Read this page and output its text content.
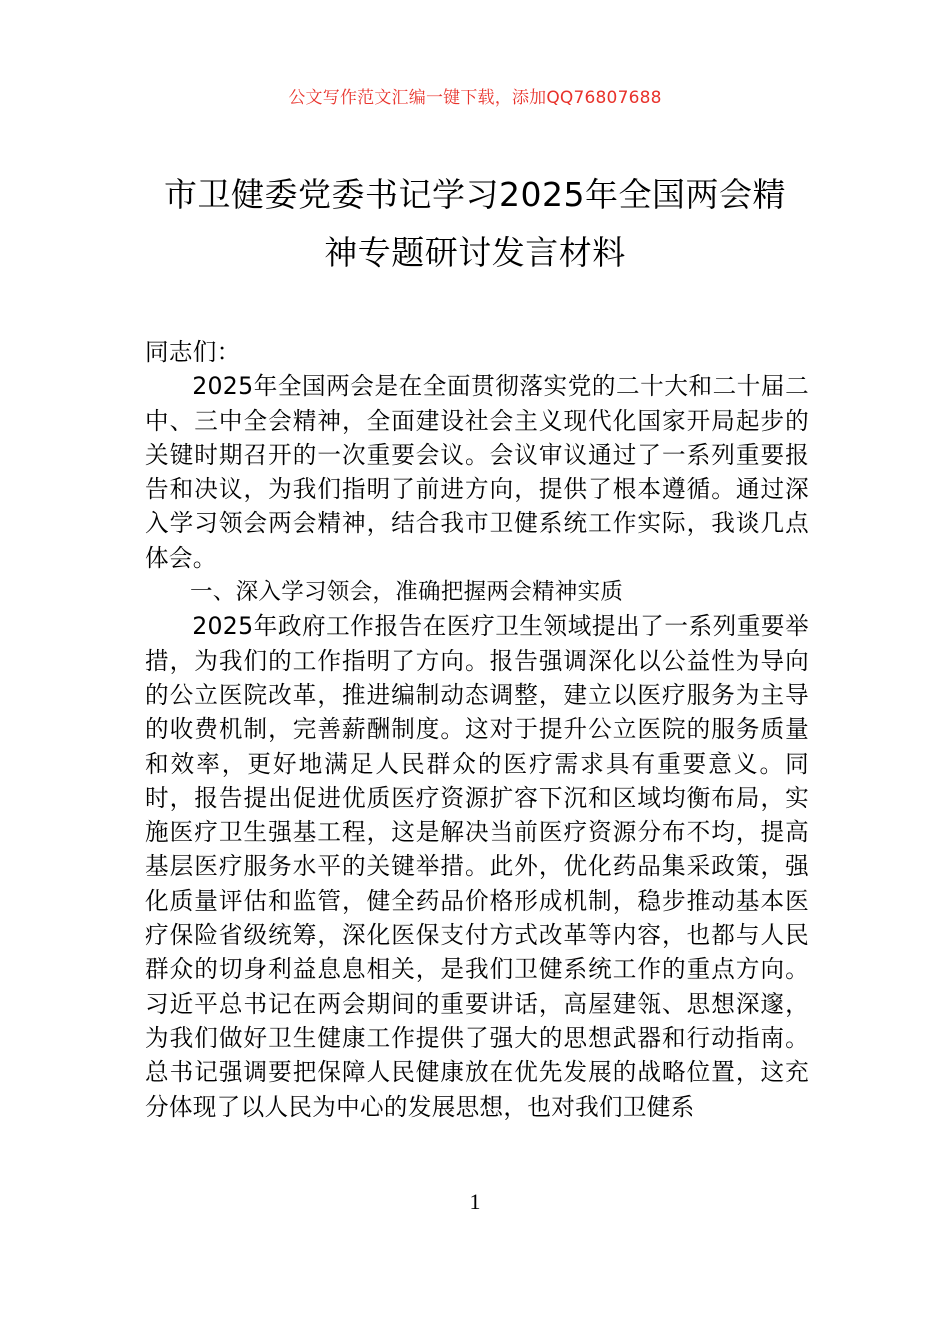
公文写作范文汇编一键下载，添加QQ76807688
市卫健委党委书记学习2025年全国两会精
神专题研讨发言材料

同志们：

2025年全国两会是在全面贯彻落实党的二十大和二十届二中、三中全会精神，全面建设社会主义现代化国家开局起步的关键时期召开的一次重要会议。会议审议通过了一系列重要报告和决议，为我们指明了前进方向，提供了根本遵循。通过深入学习领会两会精神，结合我市卫健系统工作实际，我谈几点体会。

一、深入学习领会，准确把握两会精神实质

2025年政府工作报告在医疗卫生领域提出了一系列重要举措，为我们的工作指明了方向。报告强调深化以公益性为导向的公立医院改革，推进编制动态调整，建立以医疗服务为主导的收费机制，完善薪酬制度。这对于提升公立医院的服务质量和效率，更好地满足人民群众的医疗需求具有重要意义。同时，报告提出促进优质医疗资源扩容下沉和区域均衡布局，实施医疗卫生强基工程，这是解决当前医疗资源分布不均，提高基层医疗服务水平的关键举措。此外，优化药品集采政策，强化质量评估和监管，健全药品价格形成机制，稳步推动基本医疗保险省级统筹，深化医保支付方式改革等内容，也都与人民群众的切身利益息息相关，是我们卫健系统工作的重点方向。习近平总书记在两会期间的重要讲话，高屋建瓴、思想深邃，为我们做好卫生健康工作提供了强大的思想武器和行动指南。总书记强调要把保障人民健康放在优先发展的战略位置，这充分体现了以人民为中心的发展思想，也对我们卫健系

1
